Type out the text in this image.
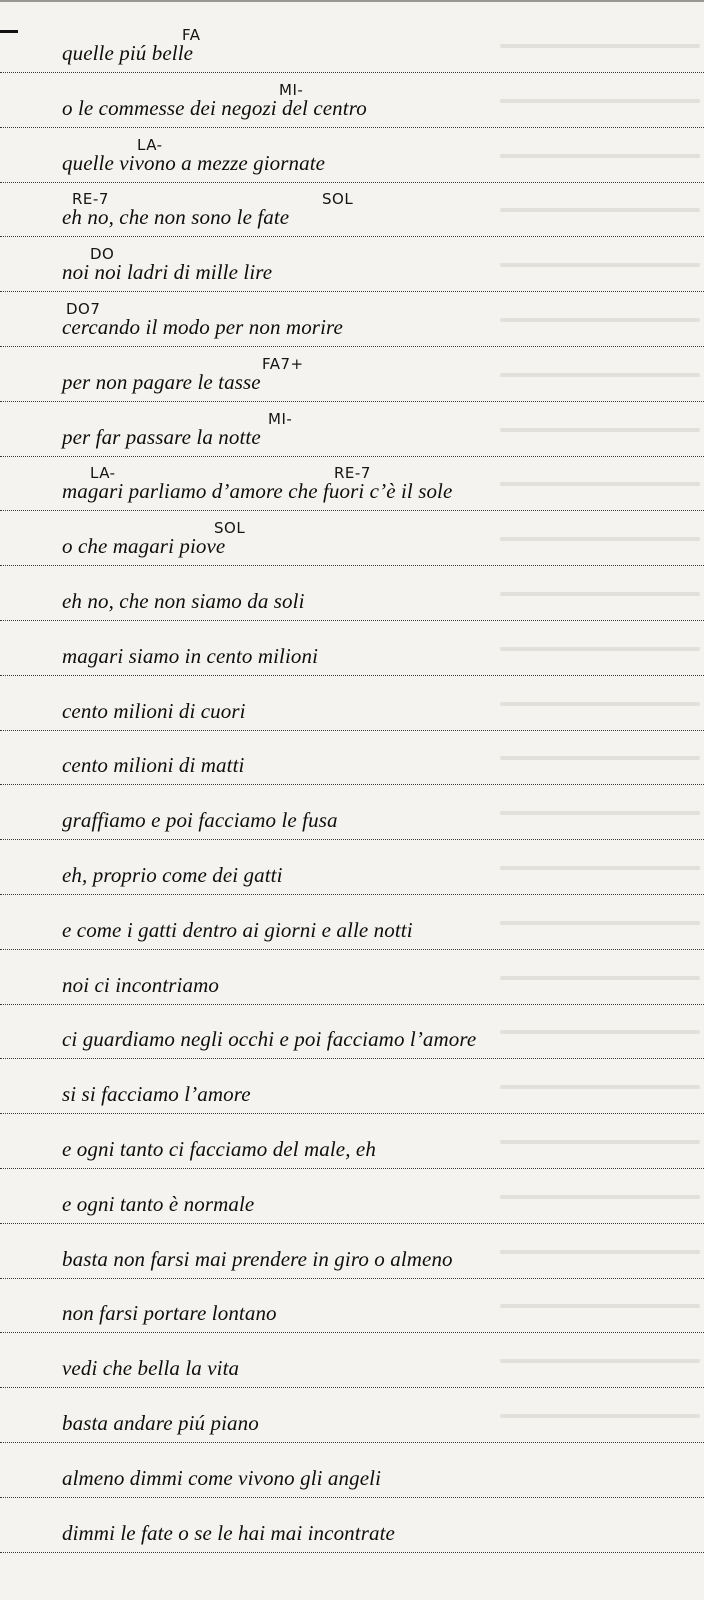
quelle piú belle
FA
o le commesse dei negozi del centro
MI-
quelle vivono a mezze giornate
LA-
eh no, che non sono le fate
RE-7	SOL
noi noi ladri di mille lire
DO
cercando il modo per non morire
DO7
per non pagare le tasse
FA7+
per far passare la notte
MI-
magari parliamo d’amore che fuori c’è il sole
LA-	RE-7
o che magari piove
SOL
eh no, che non siamo da soli
magari siamo in cento milioni
cento milioni di cuori
cento milioni di matti
graffiamo e poi facciamo le fusa
eh, proprio come dei gatti
e come i gatti dentro ai giorni e alle notti
noi ci incontriamo
ci guardiamo negli occhi e poi facciamo l’amore
si si facciamo l’amore
e ogni tanto ci facciamo del male, eh
e ogni tanto è normale
basta non farsi mai prendere in giro o almeno
non farsi portare lontano
vedi che bella la vita
basta andare piú piano
almeno dimmi come vivono gli angeli
dimmi le fate o se le hai mai incontrate
